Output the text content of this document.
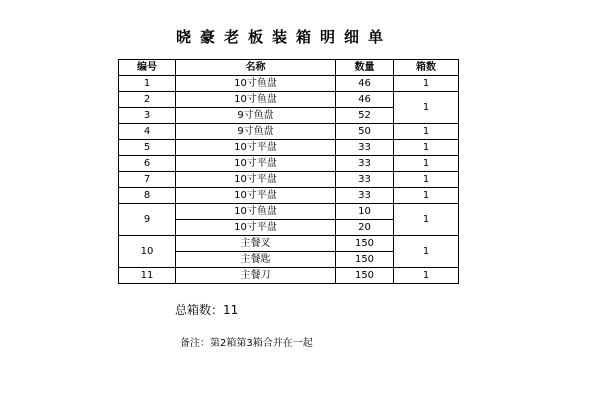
晓豪老板装箱明细单
编号	名称	数量	箱数
1	10寸鱼盘	46	1
2	10寸鱼盘	46	1
3	9寸鱼盘	52	
4	9寸鱼盘	50	1
5	10寸平盘	33	1
6	10寸平盘	33	1
7	10寸平盘	33	1
8	10寸平盘	33	1
9	10寸鱼盘	10	1
	10寸平盘	20	
10	主餐叉	150	1
	主餐匙	150	
11	主餐刀	150	1
总箱数：11
备注：第2箱第3箱合并在一起
